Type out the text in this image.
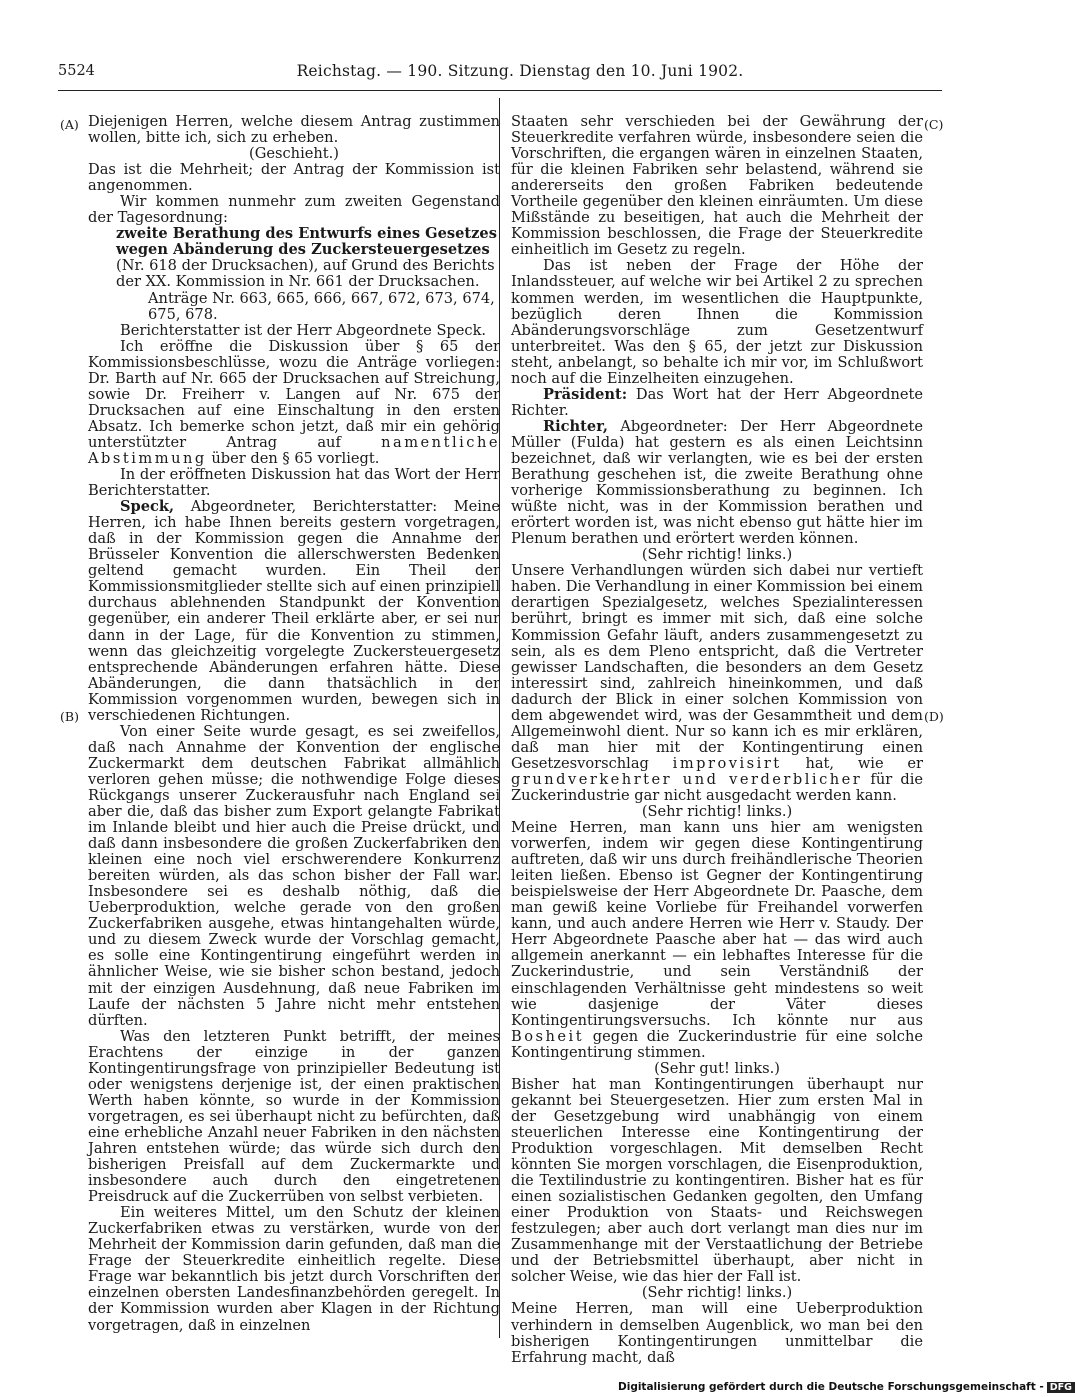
5524	Reichstag. — 190. Sitzung. Dienstag den 10. Juni 1902.
(A)
(B)
(C)
(D)

Diejenigen Herren, welche diesem Antrag zustimmen wollen, bitte ich, sich zu erheben.

(Geschieht.)

Das ist die Mehrheit; der Antrag der Kommission ist angenommen.

Wir kommen nunmehr zum zweiten Gegenstand der Tagesordnung:

zweite Berathung des Entwurfs eines Gesetzes wegen Abänderung des Zuckersteuergesetzes

(Nr. 618 der Drucksachen), auf Grund des Berichts der XX. Kommission in Nr. 661 der Drucksachen.

Anträge Nr. 663, 665, 666, 667, 672, 673, 674, 675, 678.

Berichterstatter ist der Herr Abgeordnete Speck.

Ich eröffne die Diskussion über § 65 der Kommissionsbeschlüsse, wozu die Anträge vorliegen: Dr. Barth auf Nr. 665 der Drucksachen auf Streichung, sowie Dr. Freiherr v. Langen auf Nr. 675 der Drucksachen auf eine Einschaltung in den ersten Absatz. Ich bemerke schon jetzt, daß mir ein gehörig unterstützter Antrag auf	namentliche Abstimmung über den § 65 vorliegt.

In der eröffneten Diskussion hat das Wort der Herr Berichterstatter.

Speck, Abgeordneter, Berichterstatter: Meine Herren, ich habe Ihnen bereits gestern vorgetragen, daß in der Kommission gegen die Annahme der Brüsseler Konvention die allerschwersten Bedenken geltend gemacht wurden. Ein Theil der Kommissionsmitglieder stellte sich auf einen prinzipiell durchaus ablehnenden Standpunkt der Konvention gegenüber, ein anderer Theil erklärte aber, er sei nur dann in der Lage, für die Konvention zu stimmen, wenn das gleichzeitig vorgelegte Zuckersteuergesetz entsprechende Abänderungen erfahren hätte. Diese Abänderungen, die dann thatsächlich in der Kommission vorgenommen wurden, bewegen sich in verschiedenen Richtungen.

Von einer Seite wurde gesagt, es sei zweifellos, daß nach Annahme der Konvention der englische Zuckermarkt dem deutschen Fabrikat allmählich verloren gehen müsse; die nothwendige Folge dieses Rückgangs unserer Zuckerausfuhr nach England sei aber die, daß das bisher zum Export gelangte Fabrikat im Inlande bleibt und hier auch die Preise drückt, und daß dann insbesondere die großen Zuckerfabriken den kleinen eine noch viel erschwerendere Konkurrenz bereiten würden, als das schon bisher der Fall war. Insbesondere sei es deshalb nöthig, daß die Ueberproduktion, welche gerade von den großen Zuckerfabriken ausgehe, etwas hintangehalten würde, und zu diesem Zweck wurde der Vorschlag gemacht, es solle eine Kontingentirung eingeführt werden in ähnlicher Weise, wie sie bisher schon bestand, jedoch mit der einzigen Ausdehnung, daß neue Fabriken im Laufe der nächsten 5 Jahre nicht mehr entstehen dürften.

Was den letzteren Punkt betrifft, der meines Erachtens der einzige in der ganzen Kontingentirungsfrage von prinzipieller Bedeutung ist oder wenigstens derjenige ist, der einen praktischen Werth haben könnte, so wurde in der Kommission vorgetragen, es sei überhaupt nicht zu befürchten, daß eine erhebliche Anzahl neuer Fabriken in den nächsten Jahren entstehen würde; das würde sich durch den bisherigen Preisfall auf dem Zuckermarkte und insbesondere auch durch den eingetretenen Preisdruck auf die Zuckerrüben von selbst verbieten.

Ein weiteres Mittel, um den Schutz der kleinen Zuckerfabriken etwas zu verstärken, wurde von der Mehrheit der Kommission darin gefunden, daß man die Frage der Steuerkredite einheitlich regelte. Diese Frage war bekanntlich bis jetzt durch Vorschriften der einzelnen obersten Landesfinanzbehörden geregelt. In der Kommission wurden aber Klagen in der Richtung vorgetragen, daß in einzelnen

Staaten sehr verschieden bei der Gewährung der Steuerkredite verfahren würde, insbesondere seien die Vorschriften, die ergangen wären in einzelnen Staaten, für die kleinen Fabriken sehr belastend, während sie andererseits den großen Fabriken bedeutende Vortheile gegenüber den kleinen einräumten. Um diese Mißstände zu beseitigen, hat auch die Mehrheit der Kommission beschlossen, die Frage der Steuerkredite einheitlich im Gesetz zu regeln.

Das ist neben der Frage der Höhe der Inlandssteuer, auf welche wir bei Artikel 2 zu sprechen kommen werden, im wesentlichen die Hauptpunkte, bezüglich deren Ihnen die Kommission Abänderungsvorschläge zum Gesetzentwurf unterbreitet. Was den § 65, der jetzt zur Diskussion steht, anbelangt, so behalte ich mir vor, im Schlußwort noch auf die Einzelheiten einzugehen.

Präsident: Das Wort hat der Herr Abgeordnete Richter.

Richter, Abgeordneter: Der Herr Abgeordnete Müller (Fulda) hat gestern es als einen Leichtsinn bezeichnet, daß wir verlangten, wie es bei der ersten Berathung geschehen ist, die zweite Berathung ohne vorherige Kommissionsberathung zu beginnen. Ich wüßte nicht, was in der Kommission berathen und erörtert worden ist, was nicht ebenso gut hätte hier im Plenum berathen und erörtert werden können.

(Sehr richtig! links.)

Unsere Verhandlungen würden sich dabei nur vertieft haben. Die Verhandlung in einer Kommission bei einem derartigen Spezialgesetz, welches Spezialinteressen berührt, bringt es immer mit sich, daß eine solche Kommission Gefahr läuft, anders zusammengesetzt zu sein, als es dem Pleno entspricht, daß die Vertreter gewisser Landschaften, die besonders an dem Gesetz interessirt sind, zahlreich hineinkommen, und daß dadurch der Blick in einer solchen Kommission von dem abgewendet wird, was der Gesammtheit und dem Allgemeinwohl dient. Nur so kann ich es mir erklären, daß man hier mit der Kontingentirung einen Gesetzesvorschlag improvisirt hat, wie er grundverkehrter und verderblicher für die Zuckerindustrie gar nicht ausgedacht werden kann.

(Sehr richtig! links.)

Meine Herren, man kann uns hier am wenigsten vorwerfen, indem wir gegen diese Kontingentirung auftreten, daß wir uns durch freihändlerische Theorien leiten ließen. Ebenso ist Gegner der Kontingentirung beispielsweise der Herr Abgeordnete Dr. Paasche, dem man gewiß keine Vorliebe für Freihandel vorwerfen kann, und auch andere Herren wie Herr v. Staudy. Der Herr Abgeordnete Paasche aber hat — das wird auch allgemein anerkannt — ein lebhaftes Interesse für die Zuckerindustrie, und sein Verständniß der einschlagenden Verhältnisse geht mindestens so weit wie dasjenige der Väter dieses Kontingentirungsversuchs. Ich könnte nur aus Bosheit gegen die Zuckerindustrie für eine solche Kontingentirung stimmen.

(Sehr gut! links.)

Bisher hat man Kontingentirungen überhaupt nur gekannt bei Steuergesetzen. Hier zum ersten Mal in der Gesetzgebung wird unabhängig von einem steuerlichen Interesse eine Kontingentirung der Produktion vorgeschlagen. Mit demselben Recht könnten Sie morgen vorschlagen, die Eisenproduktion, die Textilindustrie zu kontingentiren. Bisher hat es für einen sozialistischen Gedanken gegolten, den Umfang einer Produktion von Staats- und Reichswegen festzulegen; aber auch dort verlangt man dies nur im Zusammenhange mit der Verstaatlichung der Betriebe und der Betriebsmittel überhaupt, aber nicht in solcher Weise, wie das hier der Fall ist.

(Sehr richtig! links.)

Meine Herren, man will eine Ueberproduktion verhindern in demselben Augenblick, wo man bei den bisherigen Kontingentirungen unmittelbar die Erfahrung macht, daß

Digitalisierung gefördert durch die Deutsche Forschungsgemeinschaft - DFG
